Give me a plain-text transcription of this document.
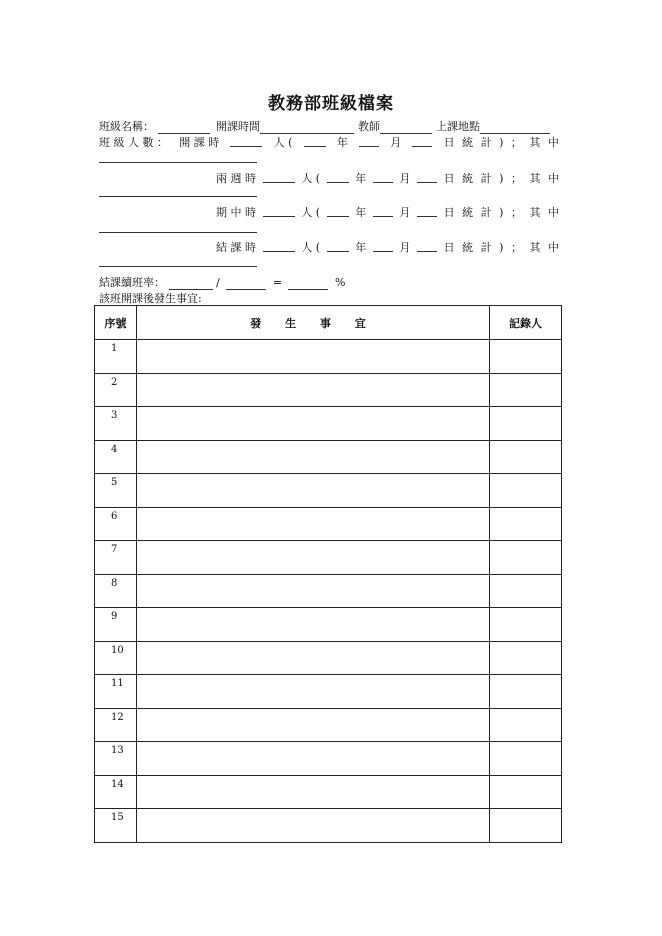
教務部班級檔案
班級名稱：	開課時間	教師	上課地點
班 級 人 數 ： 開 課 時	人 (	年	月	日 統 計 ) ； 其 中
兩 週 時	人 (	年	月	日 統 計 ) ； 其 中
期 中 時	人 (	年	月	日 統 計 ) ； 其 中
結 課 時	人 (	年	月	日 統 計 ) ； 其 中
結課續班率：	/	=	%
該班開課後發生事宜:
序號	發 生 事 宜	記錄人
1		
2		
3		
4		
5		
6		
7		
8		
9		
10		
11		
12		
13		
14		
15		
